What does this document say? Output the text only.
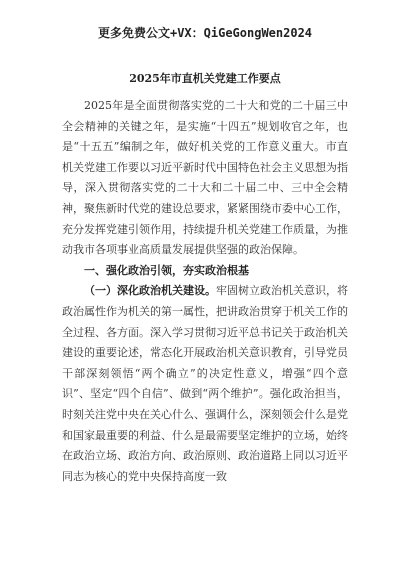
更多免费公文+VX：QiGeGongWen2024
2025年市直机关党建工作要点

2025年是全面贯彻落实党的二十大和党的二十届三中全会精神的关键之年，是实施“十四五”规划收官之年，也是“十五五”编制之年，做好机关党的工作意义重大。市直机关党建工作要以习近平新时代中国特色社会主义思想为指导，深入贯彻落实党的二十大和二十届二中、三中全会精神，聚焦新时代党的建设总要求，紧紧围绕市委中心工作，充分发挥党建引领作用，持续提升机关党建工作质量，为推动我市各项事业高质量发展提供坚强的政治保障。

一、强化政治引领，夯实政治根基

（一）深化政治机关建设。牢固树立政治机关意识，将政治属性作为机关的第一属性，把讲政治贯穿于机关工作的全过程、各方面。深入学习贯彻习近平总书记关于政治机关建设的重要论述，常态化开展政治机关意识教育，引导党员干部深刻领悟“两个确立”的决定性意义，增强“四个意识”、坚定“四个自信”、做到“两个维护”。强化政治担当，时刻关注党中央在关心什么、强调什么，深刻领会什么是党和国家最重要的利益、什么是最需要坚定维护的立场，始终在政治立场、政治方向、政治原则、政治道路上同以习近平同志为核心的党中央保持高度一致
